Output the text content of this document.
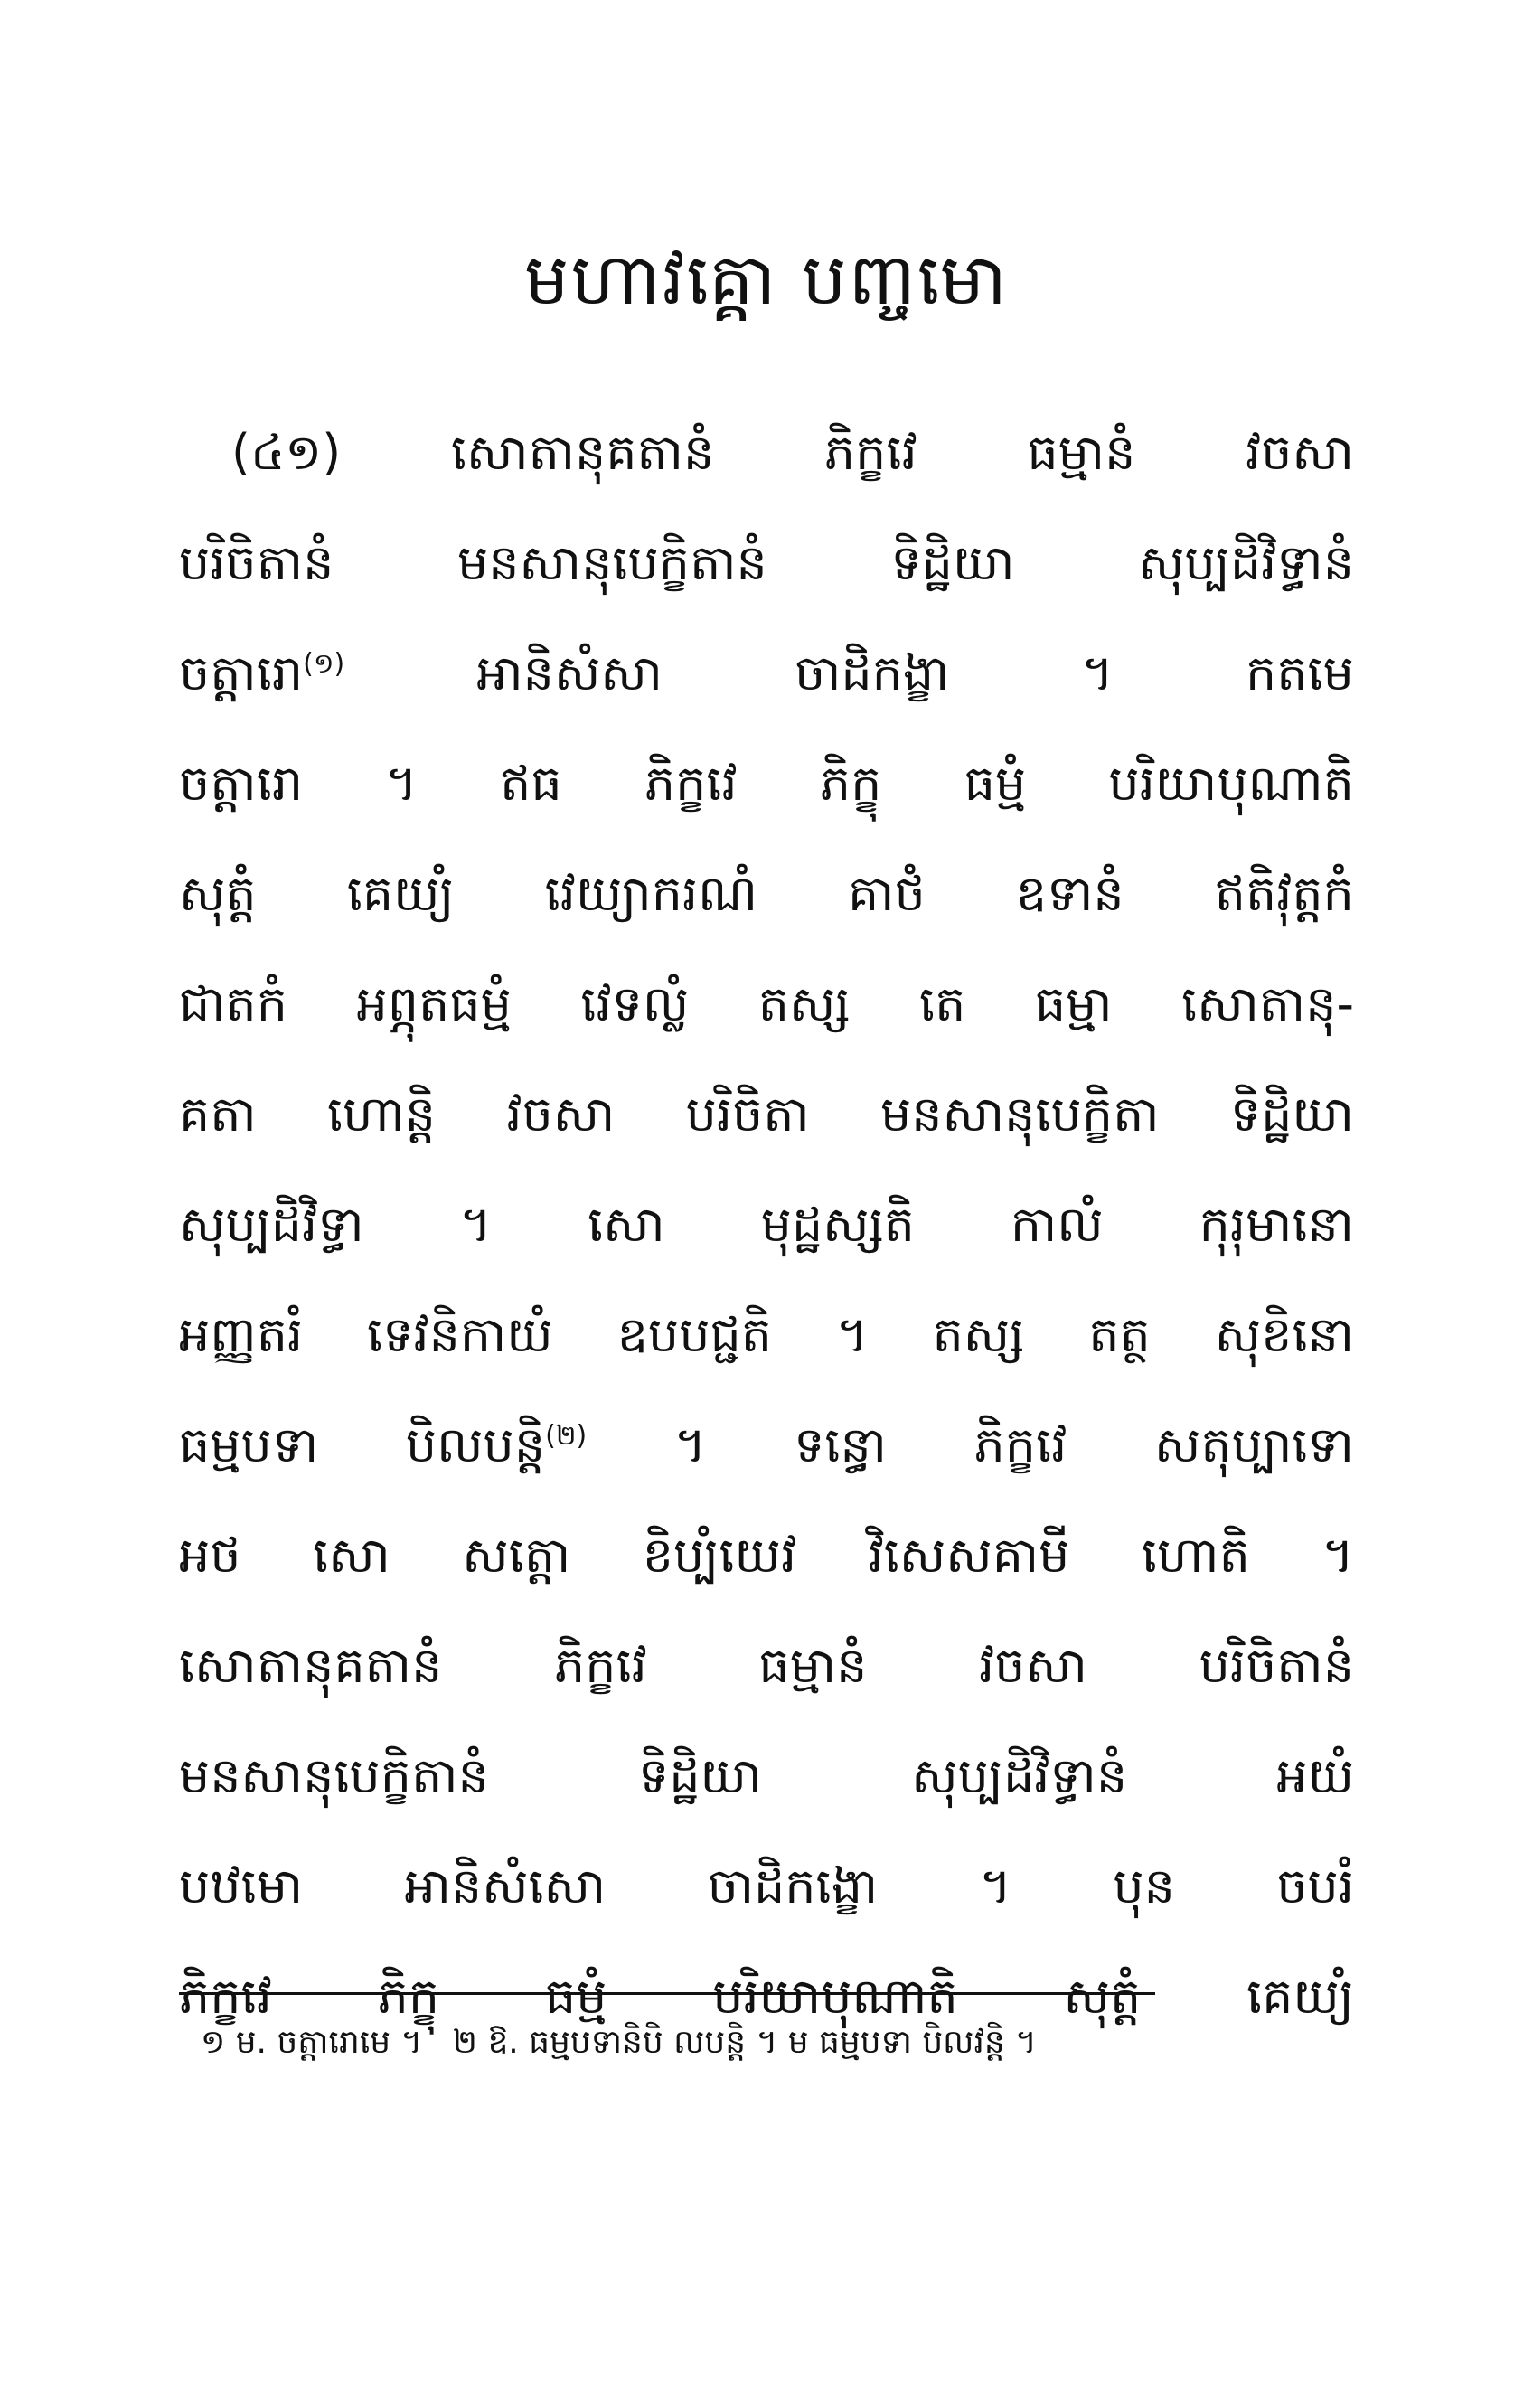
មហាវគ្គោ បញ្ចមោ
(៤១) សោតានុគតានំ ភិក្ខវេ ធម្មានំ វចសា
បរិចិតានំ	មនសានុបេក្ខិតានំ	ទិដ្ឋិយា	សុប្បដិវិទ្ធានំ
ចត្តារោ$^{(១)}$	អានិសំសា	ចាដិកង្ខា	។	កតមេ
ចត្តារោ ។ ឥធ ភិក្ខវេ ភិក្ខុ ធម្មំ បរិយាបុណាតិ
សុត្តំ គេយ្យំ វេយ្យាករណំ គាថំ ឧទានំ ឥតិវុត្តកំ
ជាតកំ អព្ភុតធម្មំ វេទល្លំ តស្ស តេ ធម្មា សោតានុ-
គតា ហោន្តិ វចសា បរិចិតា មនសានុបេក្ខិតា ទិដ្ឋិយា
សុប្បដិវិទ្ធា ។ សោ មុដ្ឋស្សតិ កាលំ កុរុមានោ
អញ្ញតរំ ទេវនិកាយំ ឧបបជ្ជតិ ។ តស្ស តត្ថ សុខិនោ
ធម្មបទា បិលបន្តិ$^{(២)}$ ។ ទន្ធោ ភិក្ខវេ សតុប្បាទោ
អថ សោ សត្តោ ខិប្បំយេវ វិសេសគាមី ហោតិ ។
សោតានុគតានំ ភិក្ខវេ ធម្មានំ វចសា បរិចិតានំ
មនសានុបេក្ខិតានំ	ទិដ្ឋិយា	សុប្បដិវិទ្ធានំ	អយំ
បឋមោ អានិសំសោ ចាដិកង្ខោ ។ បុន ចបរំ
ភិក្ខវេ ភិក្ខុ ធម្មំ បរិយាបុណាតិ សុត្តំ គេយ្យំ
១ ម. ចត្តារោមេ ។ ២ ឱ. ធម្មបទានិបិ លបន្តិ ។ ម ធម្មបទា បិលវន្តិ ។
